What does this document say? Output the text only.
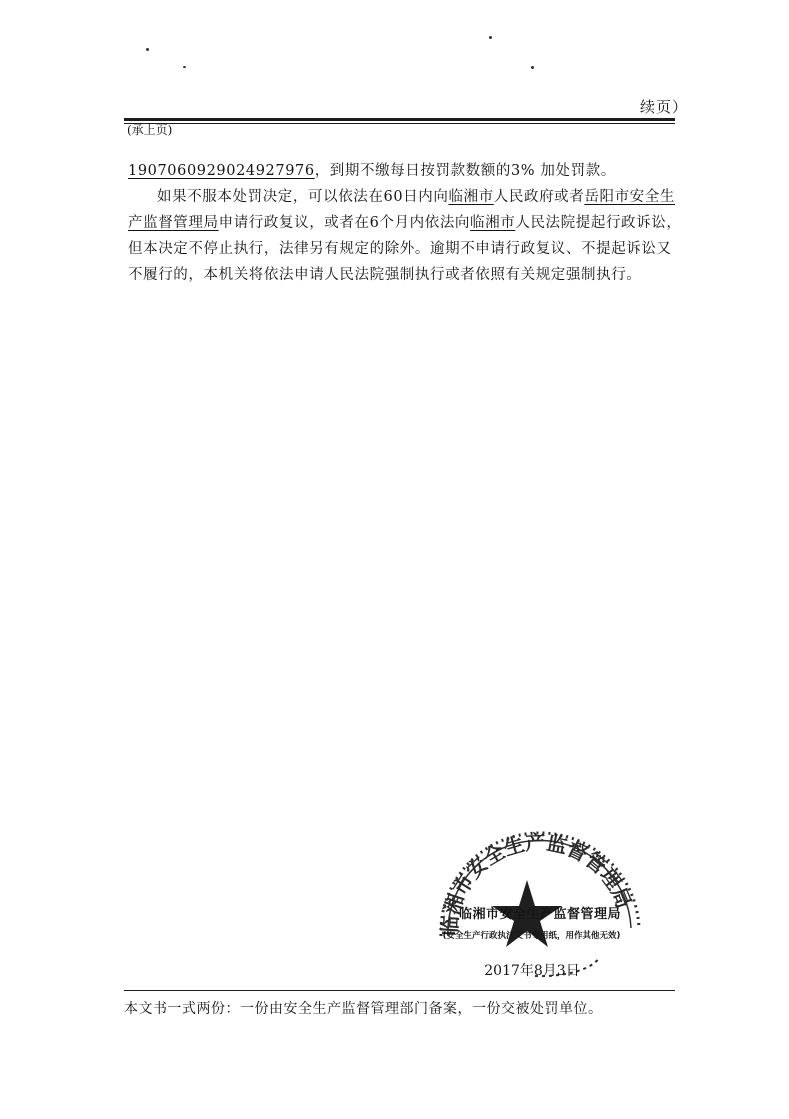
续页）
(承上页)

1907060929024927976，到期不缴每日按罚款数额的3% 加处罚款。

如果不服本处罚决定，可以依法在60日内向临湘市人民政府或者岳阳市安全生产监督管理局申请行政复议，或者在6个月内依法向临湘市人民法院提起行政诉讼，但本决定不停止执行，法律另有规定的除外。逾期不申请行政复议、不提起诉讼又不履行的，本机关将依法申请人民法院强制执行或者依照有关规定强制执行。

临湘市安全生产监督管理局
临湘市安全生产监督管理局
(安全生产行政执法文书专用纸，用作其他无效)
2017年8月3日
本文书一式两份：一份由安全生产监督管理部门备案，一份交被处罚单位。
